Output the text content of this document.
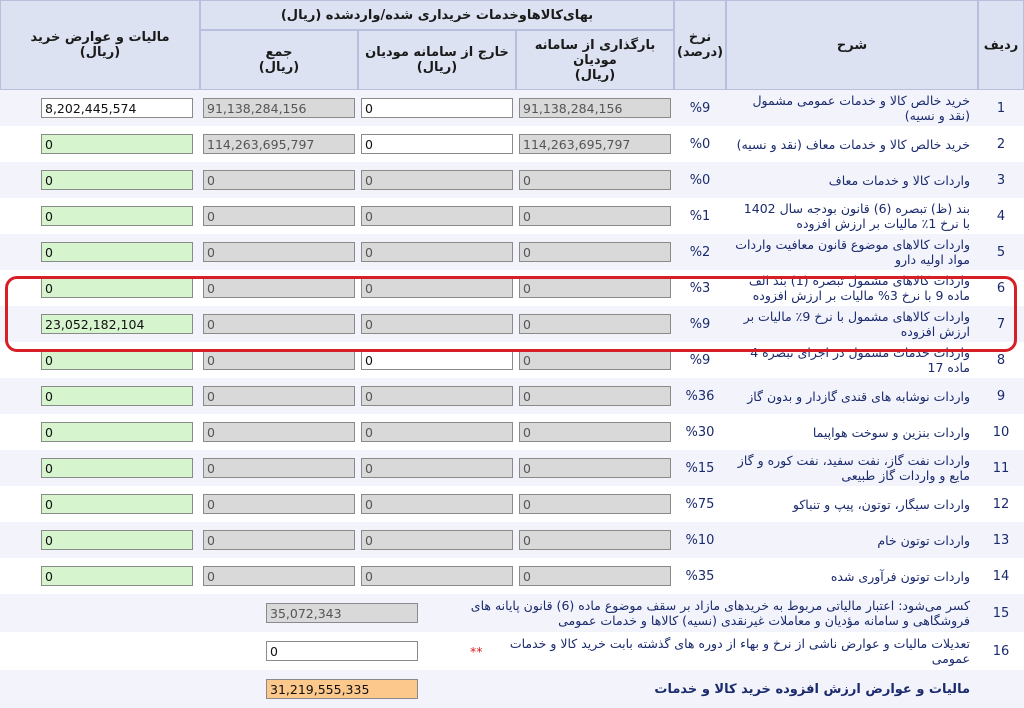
ردیف
شرح
نرخ
(درصد)
بهای‌کالاهاوخدمات خریداری شده/واردشده (ریال)
بارگذاری از سامانه مودیان
(ریال)
خارج از سامانه مودیان
(ریال)
جمع
(ریال)
مالیات و عوارض خرید
(ریال)
1
خرید خالص کالا و خدمات عمومی مشمول (نقد و نسیه)
%9
91,138,284,156
0
91,138,284,156
8,202,445,574
2
خرید خالص کالا و خدمات معاف (نقد و نسیه)
%0
114,263,695,797
0
114,263,695,797
0
3
واردات کالا و خدمات معاف
%0
0
0
0
0
4
بند (ظ) تبصره (6) قانون بودجه سال 1402 با نرخ 1٪ مالیات بر ارزش افزوده
%1
0
0
0
0
5
واردات کالاهای موضوع قانون معافیت واردات مواد اولیه دارو
%2
0
0
0
0
6
واردات کالاهای مشمول تبصره (1) بند الف ماده 9 با نرخ 3% مالیات بر ارزش افزوده
%3
0
0
0
0
7
واردات کالاهای مشمول با نرخ 9٪ مالیات بر ارزش افزوده
%9
0
0
0
23,052,182,104
8
واردات خدمات مشمول در اجرای تبصره 4 ماده 17
%9
0
0
0
0
9
واردات نوشابه های قندی گازدار و بدون گاز
%36
0
0
0
0
10
واردات بنزین و سوخت هواپیما
%30
0
0
0
0
11
واردات نفت گاز، نفت سفید، نفت کوره و گاز مایع و واردات گاز طبیعی
%15
0
0
0
0
12
واردات سیگار، توتون، پیپ و تنباکو
%75
0
0
0
0
13
واردات توتون خام
%10
0
0
0
0
14
واردات توتون فرآوری شده
%35
0
0
0
0
15
کسر می‌شود: اعتبار مالیاتی مربوط به خریدهای مازاد بر سقف موضوع ماده (6) قانون پایانه های فروشگاهی و سامانه مؤدیان و معاملات غیرنقدی (نسیه) کالاها و خدمات عمومی
35,072,343
16
تعدیلات مالیات و عوارض ناشی از نرخ و بهاء از دوره های گذشته بابت خرید کالا و خدمات عمومی
**
0
مالیات و عوارض ارزش افزوده خرید کالا و خدمات
31,219,555,335
